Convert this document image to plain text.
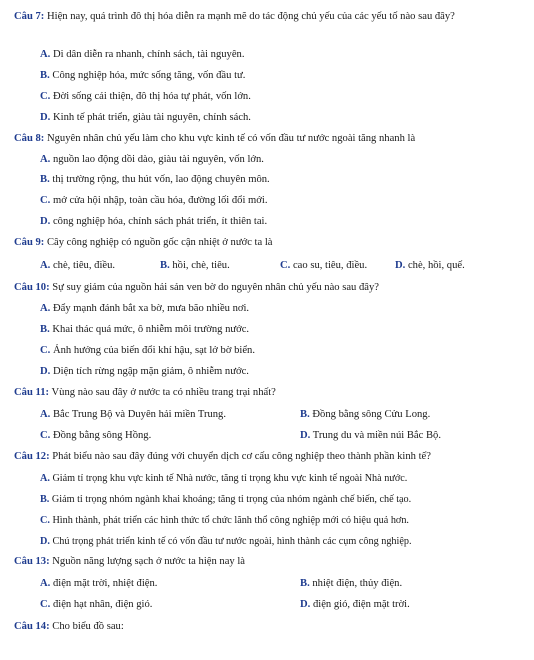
Câu 7: Hiện nay, quá trình đô thị hóa diễn ra mạnh mẽ do tác động chủ yếu của các yếu tố nào sau đây?
A. Di dân diễn ra nhanh, chính sách, tài nguyên.
B. Công nghiệp hóa, mức sống tăng, vốn đầu tư.
C. Đời sống cải thiện, đô thị hóa tự phát, vốn lớn.
D. Kinh tế phát triển, giàu tài nguyên, chính sách.
Câu 8: Nguyên nhân chủ yếu làm cho khu vực kinh tế có vốn đầu tư nước ngoài tăng nhanh là
A. nguồn lao động dồi dào, giàu tài nguyên, vốn lớn.
B. thị trường rộng, thu hút vốn, lao động chuyên môn.
C. mở cửa hội nhập, toàn cầu hóa, đường lối đổi mới.
D. công nghiệp hóa, chính sách phát triển, ít thiên tai.
Câu 9: Cây công nghiệp có nguồn gốc cận nhiệt ở nước ta là
A. chè, tiêu, điều.	B. hồi, chè, tiêu.	C. cao su, tiêu, điều.	D. chè, hồi, quế.
Câu 10: Sự suy giảm của nguồn hải sản ven bờ do nguyên nhân chủ yếu nào sau đây?
A. Đẩy mạnh đánh bắt xa bờ, mưa bão nhiều nơi.
B. Khai thác quá mức, ô nhiễm môi trường nước.
C. Ảnh hưởng của biến đổi khí hậu, sạt lở bờ biển.
D. Diện tích rừng ngập mặn giảm, ô nhiễm nước.
Câu 11: Vùng nào sau đây ở nước ta có nhiều trang trại nhất?
A. Bắc Trung Bộ và Duyên hải miền Trung.	B. Đồng bằng sông Cửu Long.
C. Đồng bằng sông Hồng.	D. Trung du và miền núi Bắc Bộ.
Câu 12: Phát biểu nào sau đây đúng với chuyển dịch cơ cấu công nghiệp theo thành phần kinh tế?
A. Giảm tỉ trọng khu vực kinh tế Nhà nước, tăng tỉ trọng khu vực kinh tế ngoài Nhà nước.
B. Giảm tỉ trọng nhóm ngành khai khoáng; tăng tỉ trọng của nhóm ngành chế biến, chế tạo.
C. Hình thành, phát triển các hình thức tổ chức lãnh thổ công nghiệp mới có hiệu quả hơn.
D. Chú trọng phát triển kinh tế có vốn đầu tư nước ngoài, hình thành các cụm công nghiệp.
Câu 13: Nguồn năng lượng sạch ở nước ta hiện nay là
A. điện mặt trời, nhiệt điện.	B. nhiệt điện, thủy điện.
C. điện hạt nhân, điện gió.	D. điện gió, điện mặt trời.
Câu 14: Cho biểu đồ sau:
